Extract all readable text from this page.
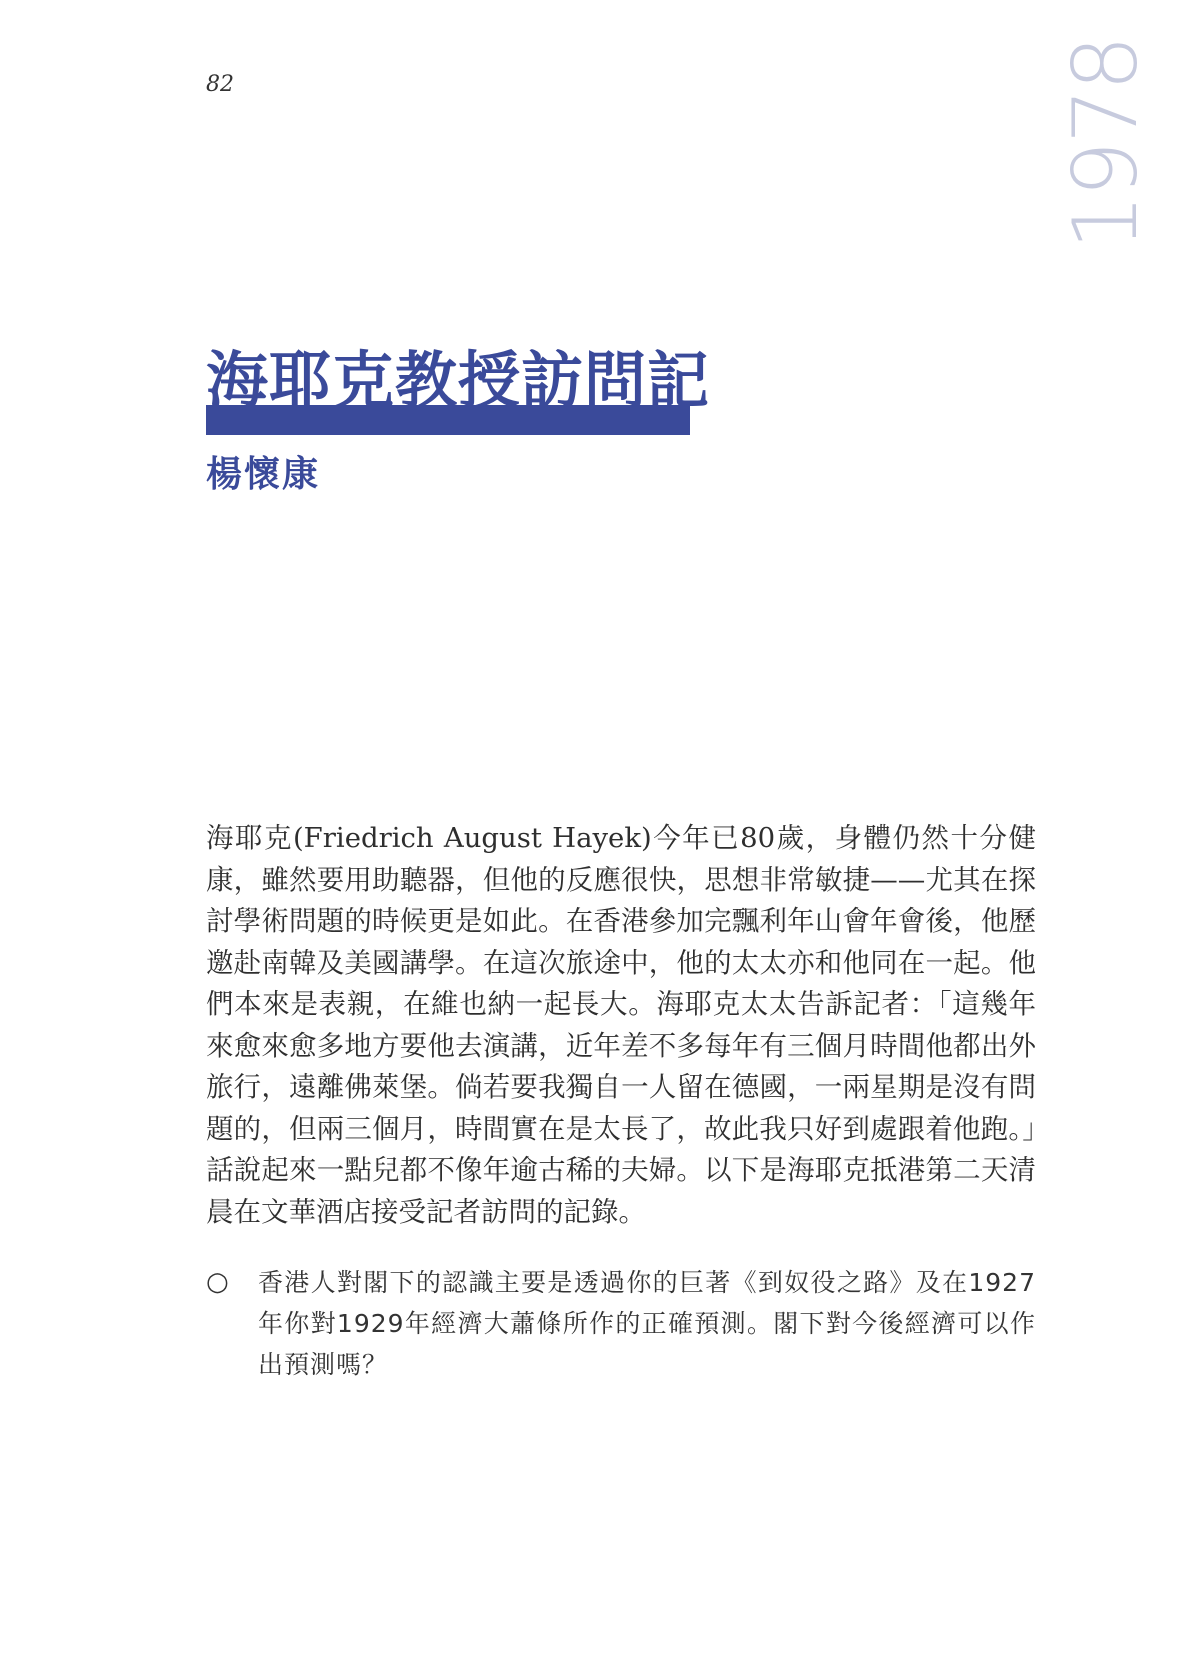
82	1978
海耶克教授訪問記
楊懷康

海耶克(Friedrich August Hayek)今年已80歲，身體仍然十分健康，雖然要用助聽器，但他的反應很快，思想非常敏捷——尤其在探討學術問題的時候更是如此。在香港參加完飄利年山會年會後，他歷邀赴南韓及美國講學。在這次旅途中，他的太太亦和他同在一起。他們本來是表親，在維也納一起長大。海耶克太太告訴記者：「這幾年來愈來愈多地方要他去演講，近年差不多每年有三個月時間他都出外旅行，遠離佛萊堡。倘若要我獨自一人留在德國，一兩星期是沒有問題的，但兩三個月，時間實在是太長了，故此我只好到處跟着他跑。」話說起來一點兒都不像年逾古稀的夫婦。以下是海耶克抵港第二天清晨在文華酒店接受記者訪問的記錄。

○ 香港人對閣下的認識主要是透過你的巨著《到奴役之路》及在1927年你對1929年經濟大蕭條所作的正確預測。閣下對今後經濟可以作出預測嗎？
